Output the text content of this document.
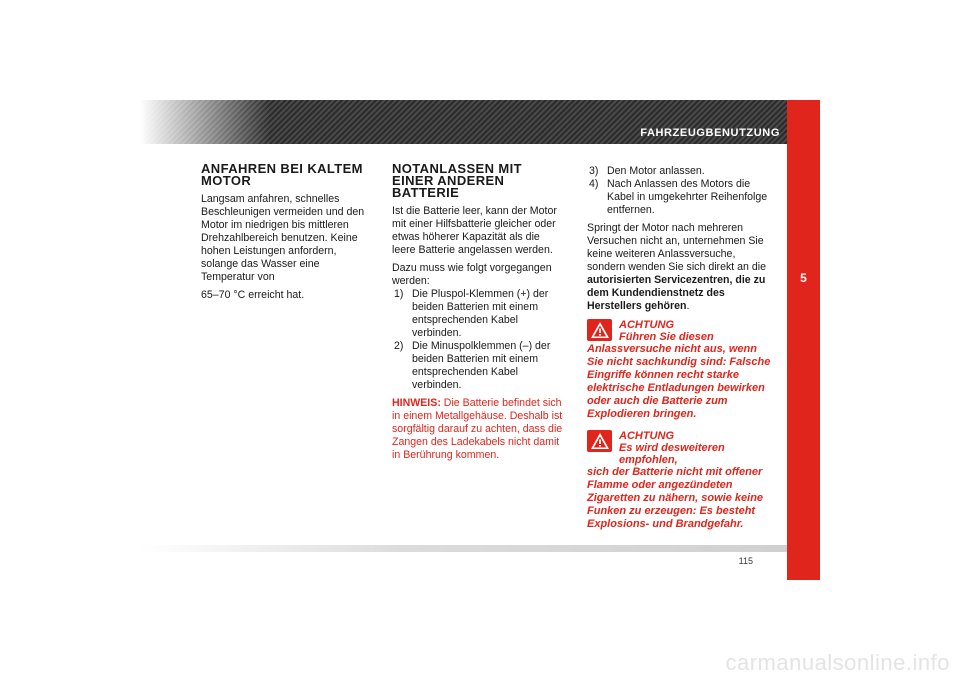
FAHRZEUGBENUTZUNG
5
ANFAHREN BEI KALTEM MOTOR

Langsam anfahren, schnelles Beschleunigen vermeiden und den Motor im niedrigen bis mittleren Drehzahlbereich benutzen. Keine hohen Leistungen anfordern, solange das Wasser eine Temperatur von

65–70 °C erreicht hat.

NOTANLASSEN MIT EINER ANDEREN BATTERIE

Ist die Batterie leer, kann der Motor mit einer Hilfsbatterie gleicher oder etwas höherer Kapazität als die leere Batterie angelassen werden.

Dazu muss wie folgt vorgegangen werden:

1) Die Pluspol-Klemmen (+) der beiden Batterien mit einem entsprechenden Kabel verbinden.
2) Die Minuspolklemmen (–) der beiden Batterien mit einem entsprechenden Kabel verbinden.

HINWEIS: Die Batterie befindet sich in einem Metallgehäuse. Deshalb ist sorgfältig darauf zu achten, dass die Zangen des Ladekabels nicht damit in Berührung kommen.

3) Den Motor anlassen.
4) Nach Anlassen des Motors die Kabel in umgekehrter Reihenfolge entfernen.

Springt der Motor nach mehreren Versuchen nicht an, unternehmen Sie keine weiteren Anlassversuche, sondern wenden Sie sich direkt an die autorisierten Servicezentren, die zu dem Kundendienstnetz des Herstellers gehören.

ACHTUNG
Führen Sie diesen
Anlassversuche nicht aus, wenn Sie nicht sachkundig sind: Falsche Eingriffe können recht starke elektrische Entladungen bewirken oder auch die Batterie zum Explodieren bringen.
ACHTUNG
Es wird desweiteren empfohlen,
sich der Batterie nicht mit offener Flamme oder angezündeten Zigaretten zu nähern, sowie keine Funken zu erzeugen: Es besteht Explosions- und Brandgefahr.
115
carmanualsonline.info
